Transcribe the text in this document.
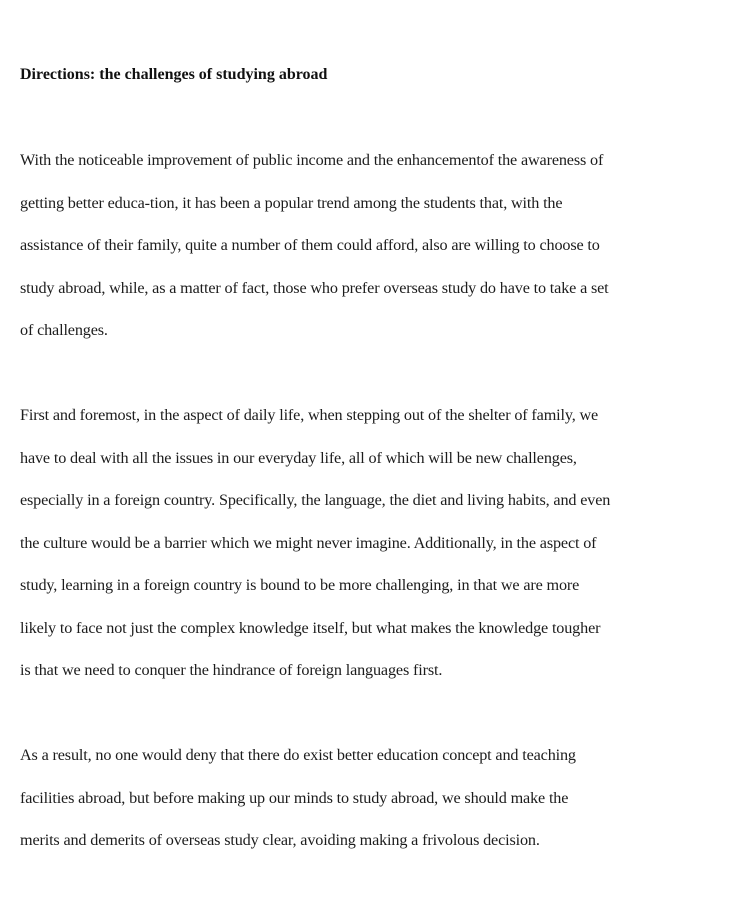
Directions: the challenges of studying abroad
With the noticeable improvement of public income and the enhancementof the awareness of
getting better educa-tion, it has been a popular trend among the students that, with the
assistance of their family, quite a number of them could afford, also are willing to choose to
study abroad, while, as a matter of fact, those who prefer overseas study do have to take a set
of challenges.
First and foremost, in the aspect of daily life, when stepping out of the shelter of family, we
have to deal with all the issues in our everyday life, all of which will be new challenges,
especially in a foreign country. Specifically, the language, the diet and living habits, and even
the culture would be a barrier which we might never imagine. Additionally, in the aspect of
study, learning in a foreign country is bound to be more challenging, in that we are more
likely to face not just the complex knowledge itself, but what makes the knowledge tougher
is that we need to conquer the hindrance of foreign languages first.
As a result, no one would deny that there do exist better education concept and teaching
facilities abroad, but before making up our minds to study abroad, we should make the
merits and demerits of overseas study clear, avoiding making a frivolous decision.
